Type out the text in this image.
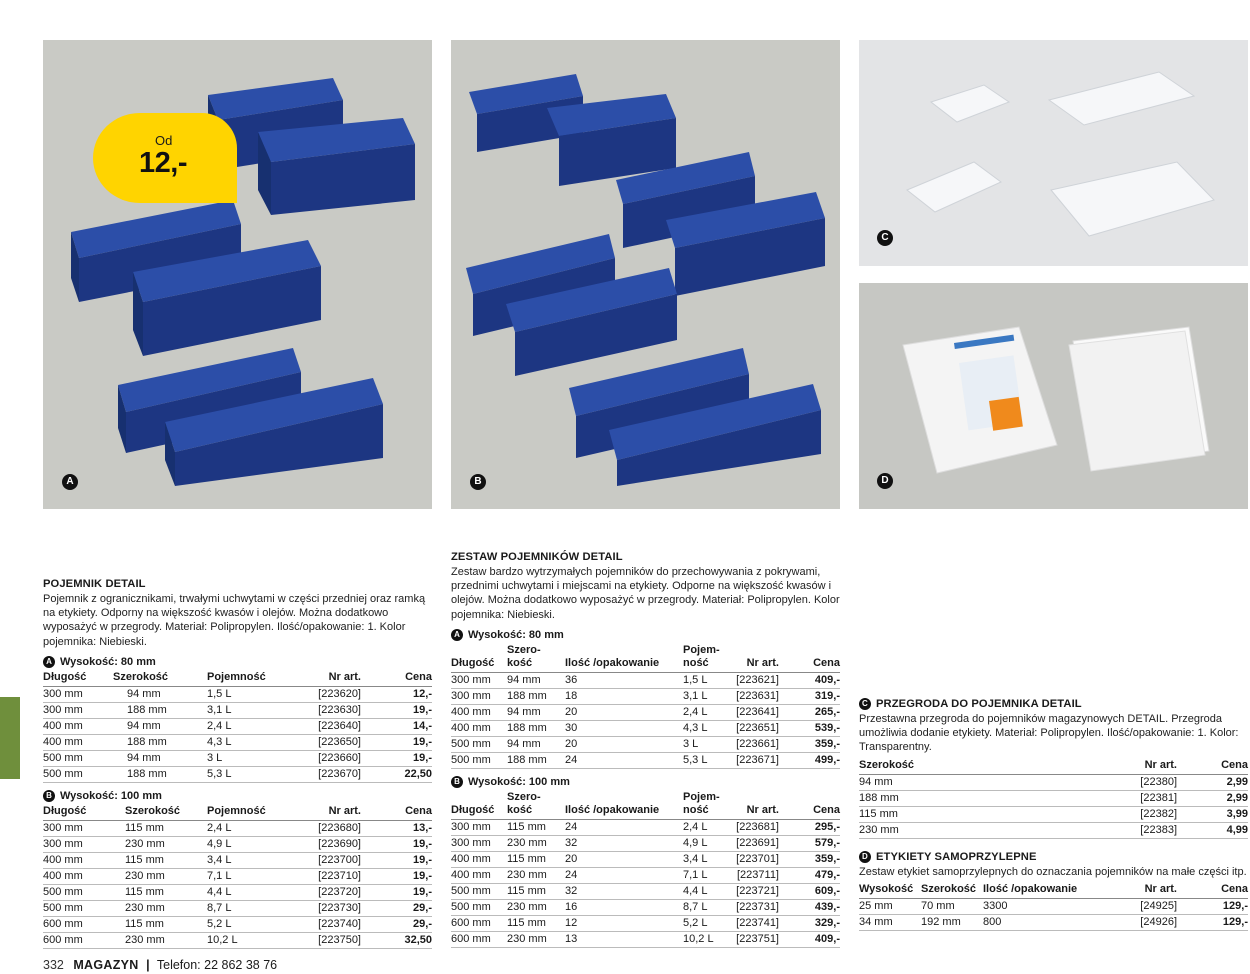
Od
12,-
A	B
C
D
POJEMNIK DETAIL

Pojemnik z ogranicznikami, trwałymi uchwytami w części przedniej oraz ramką na etykiety. Odporny na większość kwasów i olejów. Można dodatkowo wyposażyć w przegrody. Materiał: Polipropylen. Ilość/opakowanie: 1. Kolor pojemnika: Niebieski.

A Wysokość: 80 mm
Długość	Szerokość	Pojemność	Nr art.	Cena
300 mm	94 mm	1,5 L	[223620]	12,-
300 mm	188 mm	3,1 L	[223630]	19,-
400 mm	94 mm	2,4 L	[223640]	14,-
400 mm	188 mm	4,3 L	[223650]	19,-
500 mm	94 mm	3 L	[223660]	19,-
500 mm	188 mm	5,3 L	[223670]	22,50
B Wysokość: 100 mm
Długość	Szerokość	Pojemność	Nr art.	Cena
300 mm	115 mm	2,4 L	[223680]	13,-
300 mm	230 mm	4,9 L	[223690]	19,-
400 mm	115 mm	3,4 L	[223700]	19,-
400 mm	230 mm	7,1 L	[223710]	19,-
500 mm	115 mm	4,4 L	[223720]	19,-
500 mm	230 mm	8,7 L	[223730]	29,-
600 mm	115 mm	5,2 L	[223740]	29,-
600 mm	230 mm	10,2 L	[223750]	32,50
ZESTAW POJEMNIKÓW DETAIL

Zestaw bardzo wytrzymałych pojemników do przechowywania z pokrywami, przednimi uchwytami i miejscami na etykiety. Odporne na większość kwasów i olejów. Można dodatkowo wyposażyć w przegrody. Materiał: Polipropylen. Kolor pojemnika: Niebieski.

A Wysokość: 80 mm
Długość	Szero-
kość	Ilość /opakowanie	Pojem-
ność	Nr art.	Cena
300 mm	94 mm	36	1,5 L	[223621]	409,-
300 mm	188 mm	18	3,1 L	[223631]	319,-
400 mm	94 mm	20	2,4 L	[223641]	265,-
400 mm	188 mm	30	4,3 L	[223651]	539,-
500 mm	94 mm	20	3 L	[223661]	359,-
500 mm	188 mm	24	5,3 L	[223671]	499,-
B Wysokość: 100 mm
Długość	Szero-
kość	Ilość /opakowanie	Pojem-
ność	Nr art.	Cena
300 mm	115 mm	24	2,4 L	[223681]	295,-
300 mm	230 mm	32	4,9 L	[223691]	579,-
400 mm	115 mm	20	3,4 L	[223701]	359,-
400 mm	230 mm	24	7,1 L	[223711]	479,-
500 mm	115 mm	32	4,4 L	[223721]	609,-
500 mm	230 mm	16	8,7 L	[223731]	439,-
600 mm	115 mm	12	5,2 L	[223741]	329,-
600 mm	230 mm	13	10,2 L	[223751]	409,-
C PRZEGRODA DO POJEMNIKA DETAIL

Przestawna przegroda do pojemników magazynowych DETAIL. Przegroda umożliwia dodanie etykiety. Materiał: Polipropylen. Ilość/opakowanie: 1. Kolor: Transparentny.

Szerokość	Nr art.	Cena
94 mm	[22380]	2,99
188 mm	[22381]	2,99
115 mm	[22382]	3,99
230 mm	[22383]	4,99
D ETYKIETY SAMOPRZYLEPNE

Zestaw etykiet samoprzylepnych do oznaczania pojemników na małe części itp.

Wysokość	Szerokość	Ilość /opakowanie	Nr art.	Cena
25 mm	70 mm	3300	[24925]	129,-
34 mm	192 mm	800	[24926]	129,-
332 MAGAZYN | Telefon: 22 862 38 76
